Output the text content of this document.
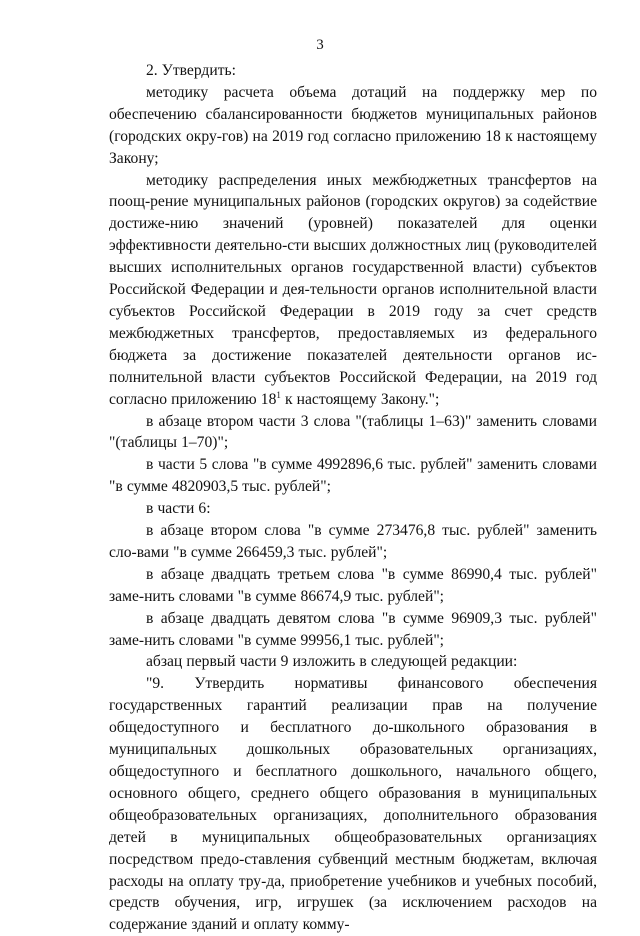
3

2. Утвердить:

методику расчета объема дотаций на поддержку мер по обеспечению сбалансированности бюджетов муниципальных районов (городских окру-гов) на 2019 год согласно приложению 18 к настоящему Закону;

методику распределения иных межбюджетных трансфертов на поощ-рение муниципальных районов (городских округов) за содействие достиже-нию значений (уровней) показателей для оценки эффективности деятельно-сти высших должностных лиц (руководителей высших исполнительных органов государственной власти) субъектов Российской Федерации и дея-тельности органов исполнительной власти субъектов Российской Федерации в 2019 году за счет средств межбюджетных трансфертов, предоставляемых из федерального бюджета за достижение показателей деятельности органов ис-полнительной власти субъектов Российской Федерации, на 2019 год согласно приложению $18^1$ к настоящему Закону.";

в абзаце втором части 3 слова "(таблицы 1–63)" заменить словами "(таблицы 1–70)";

в части 5 слова "в сумме 4992896,6 тыс. рублей" заменить словами "в сумме 4820903,5 тыс. рублей";

в части 6:

в абзаце втором слова "в сумме 273476,8 тыс. рублей" заменить сло-вами "в сумме 266459,3 тыс. рублей";

в абзаце двадцать третьем слова "в сумме 86990,4 тыс. рублей" заме-нить словами "в сумме 86674,9 тыс. рублей";

в абзаце двадцать девятом слова "в сумме 96909,3 тыс. рублей" заме-нить словами "в сумме 99956,1 тыс. рублей";

абзац первый части 9 изложить в следующей редакции:

"9. Утвердить нормативы финансового обеспечения государственных гарантий реализации прав на получение общедоступного и бесплатного до-школьного образования в муниципальных дошкольных образовательных организациях, общедоступного и бесплатного дошкольного, начального общего, основного общего, среднего общего образования в муниципальных общеобразовательных организациях, дополнительного образования детей в муниципальных общеобразовательных организациях посредством предо-ставления субвенций местным бюджетам, включая расходы на оплату тру-да, приобретение учебников и учебных пособий, средств обучения, игр, игрушек (за исключением расходов на содержание зданий и оплату комму-
